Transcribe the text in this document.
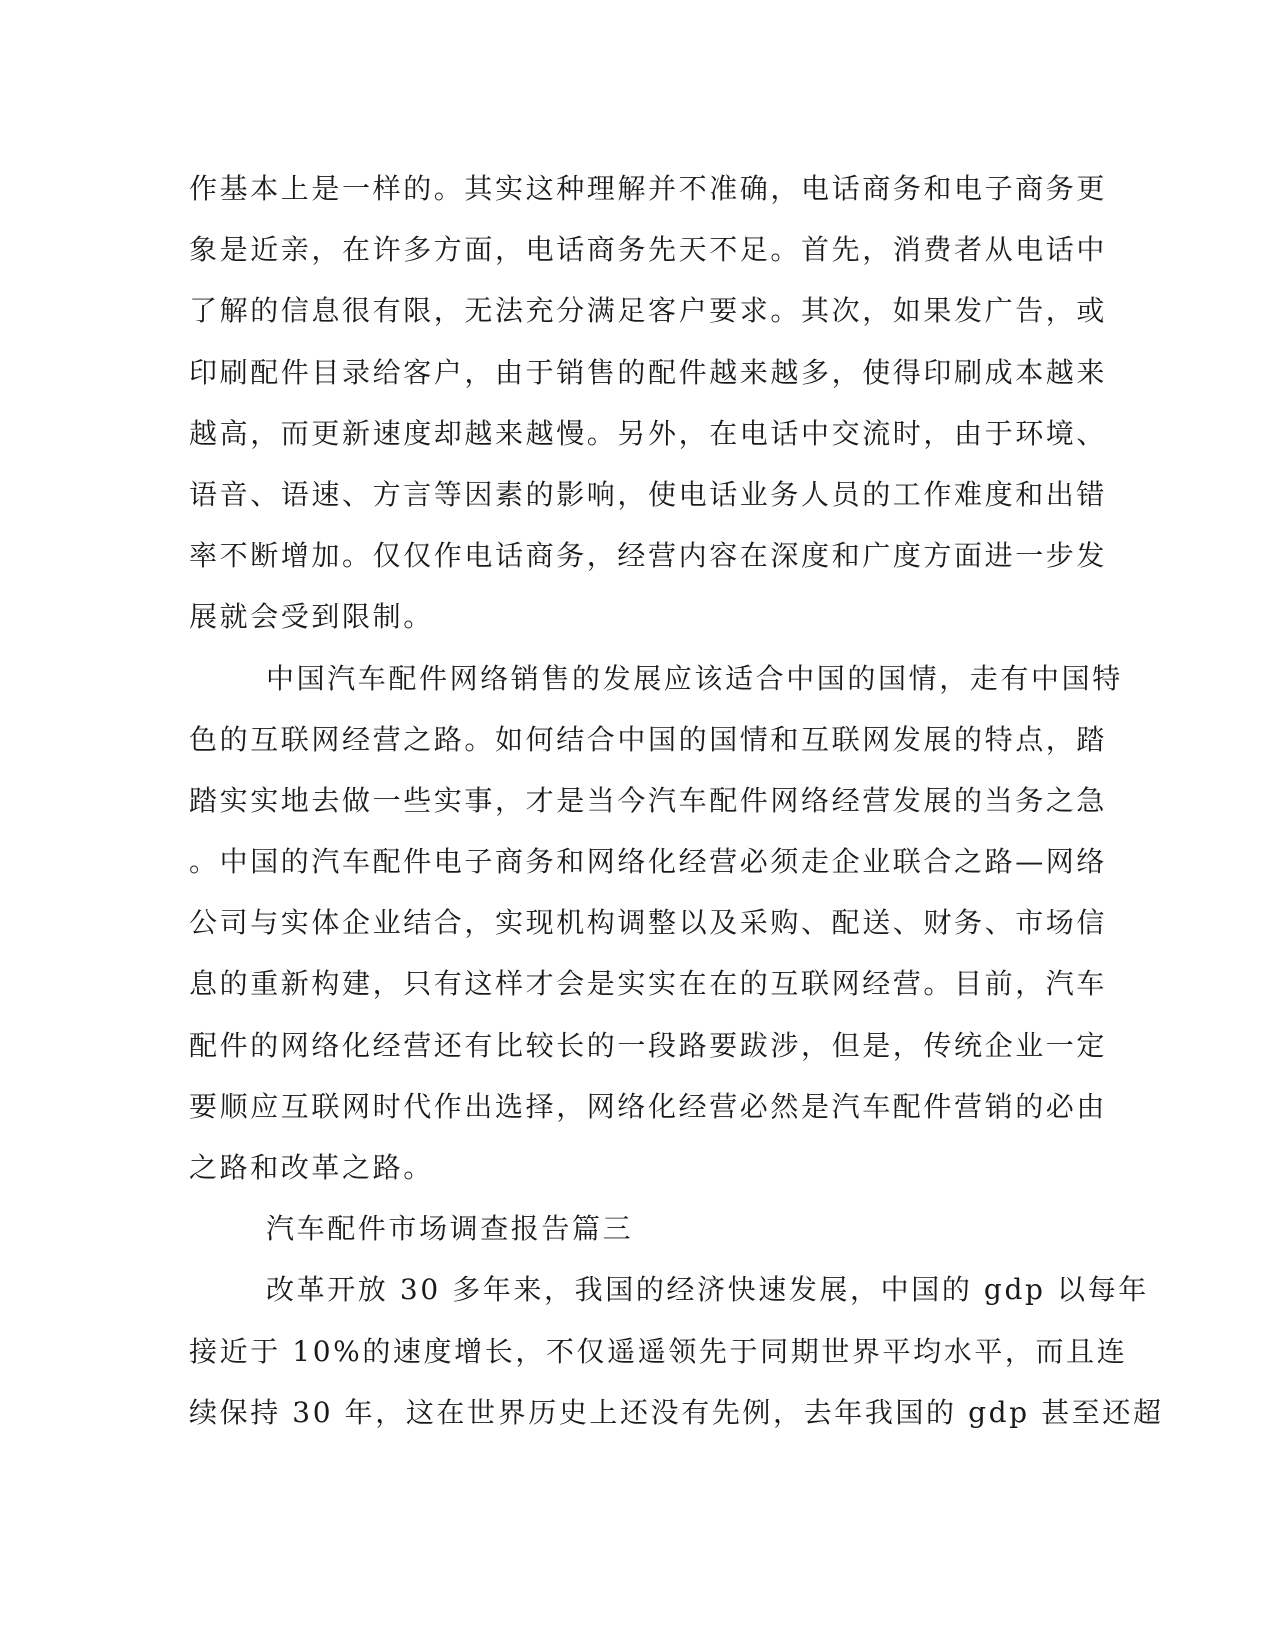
作基本上是一样的。其实这种理解并不准确，电话商务和电子商务更
象是近亲，在许多方面，电话商务先天不足。首先，消费者从电话中
了解的信息很有限，无法充分满足客户要求。其次，如果发广告，或
印刷配件目录给客户，由于销售的配件越来越多，使得印刷成本越来
越高，而更新速度却越来越慢。另外，在电话中交流时，由于环境、
语音、语速、方言等因素的影响，使电话业务人员的工作难度和出错
率不断增加。仅仅作电话商务，经营内容在深度和广度方面进一步发
展就会受到限制。
中国汽车配件网络销售的发展应该适合中国的国情，走有中国特
色的互联网经营之路。如何结合中国的国情和互联网发展的特点，踏
踏实实地去做一些实事，才是当今汽车配件网络经营发展的当务之急
。中国的汽车配件电子商务和网络化经营必须走企业联合之路—网络
公司与实体企业结合，实现机构调整以及采购、配送、财务、市场信
息的重新构建，只有这样才会是实实在在的互联网经营。目前，汽车
配件的网络化经营还有比较长的一段路要跋涉，但是，传统企业一定
要顺应互联网时代作出选择，网络化经营必然是汽车配件营销的必由
之路和改革之路。
汽车配件市场调查报告篇三
改革开放 30 多年来，我国的经济快速发展，中国的 gdp 以每年
接近于 10%的速度增长，不仅遥遥领先于同期世界平均水平，而且连
续保持 30 年，这在世界历史上还没有先例，去年我国的 gdp 甚至还超
